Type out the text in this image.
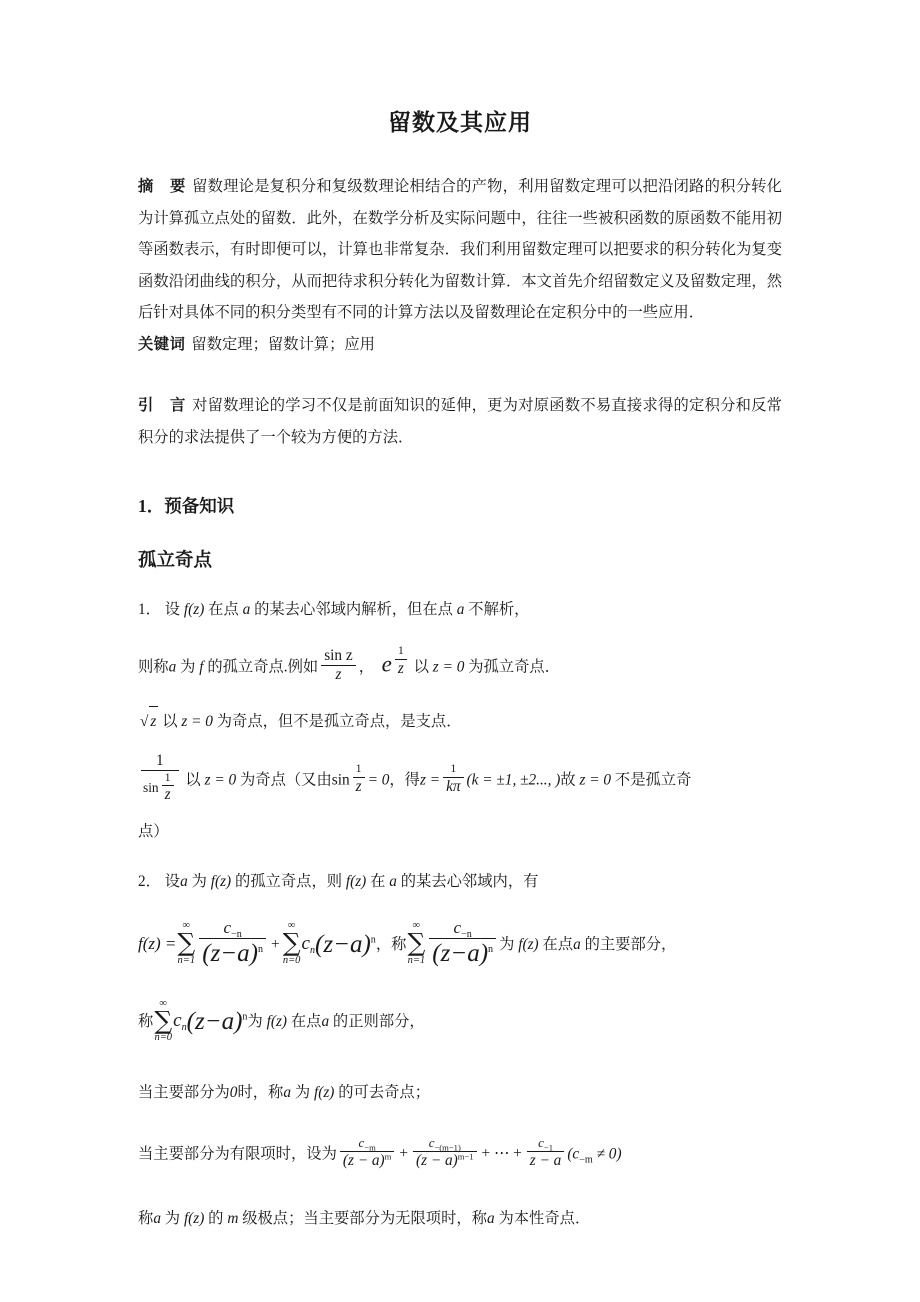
留数及其应用

摘　要 留数理论是复积分和复级数理论相结合的产物，利用留数定理可以把沿闭路的积分转化为计算孤立点处的留数．此外，在数学分析及实际问题中，往往一些被积函数的原函数不能用初等函数表示，有时即便可以，计算也非常复杂．我们利用留数定理可以把要求的积分转化为复变函数沿闭曲线的积分，从而把待求积分转化为留数计算．本文首先介绍留数定义及留数定理，然后针对具体不同的积分类型有不同的计算方法以及留数理论在定积分中的一些应用．

关键词 留数定理；留数计算；应用

引　言 对留数理论的学习不仅是前面知识的延伸，更为对原函数不易直接求得的定积分和反常积分的求法提供了一个较为方便的方法．

1．预备知识
孤立奇点
1． 设 f(z) 在点 a 的某去心邻域内解析，但在点 a 不解析，
则称a 为 f 的孤立奇点.例如 $\frac{\text{sin z}}{z}$ ， e $^{\frac{1}{z}}$ 以 z = 0 为孤立奇点．
√ z 以 z = 0 为奇点，但不是孤立奇点，是支点．
$\frac{1}{\sin \frac{1}{z}}$ 以 z = 0 为奇点（又由$\sin \frac{1}{z} = 0$，得$z = \frac{1}{k\pi} (k = \pm 1$, ±2..., )故 z = 0 不是孤立奇
点）
2． 设a 为 f(z) 的孤立奇点，则 f(z) 在 a 的某去心邻域内，有
f(z) =
∞
∑
$n=1 \frac{c_{-n}}{(z-a)^n}$ +
∞
∑
n=0
$c_n(z-a)^n$，称
∞
∑
$n=1 \frac{c_{-n}}{(z-a)^n}$ 为 f(z) 在点a 的主要部分，
称
∞
∑
n=0
$c_n(z-a)^n$为 f(z) 在点a 的正则部分，
当主要部分为0时，称a 为 f(z) 的可去奇点；
当主要部分为有限项时，设为 $\frac{c_{-m}}{(z - a)^m} + \frac{c_{-(m-1)}}{(z - a)^{m-1}}$ + ⋯ + $\frac{c_{-1}}{z - a} (c_{-m} \ne 0)$
称a 为 f(z) 的 m 级极点；当主要部分为无限项时，称a 为本性奇点．
